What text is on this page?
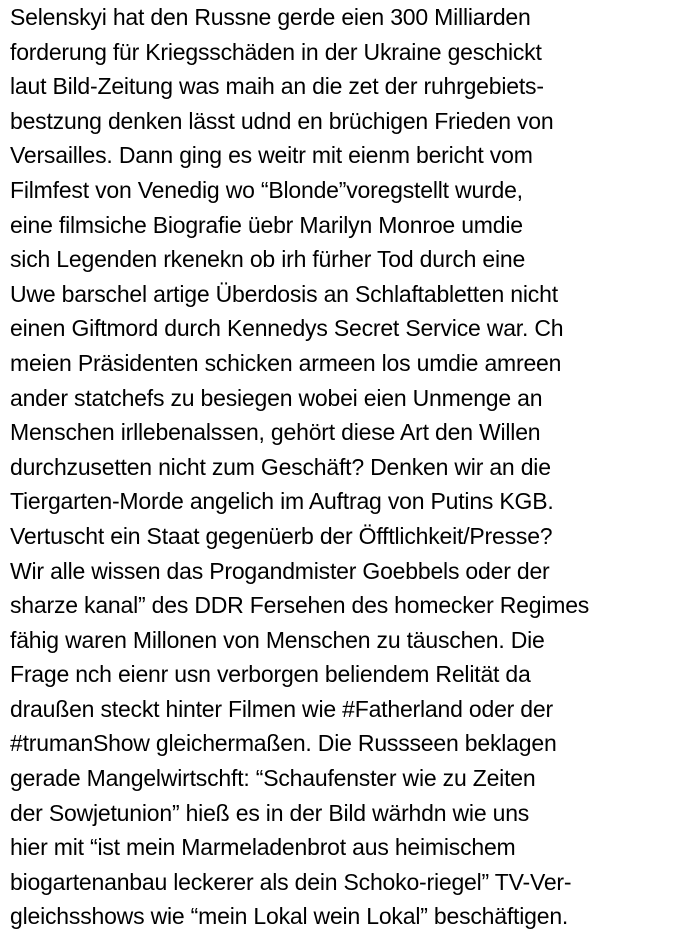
Selenskyi hat den Russne gerde eien 300 Milliarden
forderung für Kriegsschäden in der Ukraine geschickt
laut Bild-Zeitung was maih an die zet der ruhrgebiets-
bestzung denken lässt udnd en brüchigen Frieden von
Versailles. Dann ging es weitr mit eienm bericht vom
Filmfest von Venedig wo “Blonde”voregstellt wurde,
eine filmsiche Biografie üebr Marilyn Monroe umdie
sich Legenden rkenekn ob irh fürher Tod durch eine
Uwe barschel artige Überdosis an Schlaftabletten nicht
einen Giftmord durch Kennedys Secret Service war. Ch
meien Präsidenten schicken armeen los umdie amreen
ander statchefs zu besiegen wobei eien Unmenge an
Menschen irllebenalssen, gehört diese Art den Willen
durchzusetten nicht zum Geschäft? Denken wir an die
Tiergarten-Morde angelich im Auftrag von Putins KGB.
Vertuscht ein Staat gegenüerb der Öfftlichkeit/Presse?
Wir alle wissen das Progandmister Goebbels oder der
sharze kanal” des DDR Fersehen des homecker Regimes
fähig waren Millonen von Menschen zu täuschen. Die
Frage nch eienr usn verborgen beliendem Relität da
draußen steckt hinter Filmen wie #Fatherland oder der
#trumanShow gleichermaßen. Die Russseen beklagen
gerade Mangelwirtschft: “Schaufenster wie zu Zeiten
der Sowjetunion” hieß es in der Bild wärhdn wie uns
hier mit “ist mein Marmeladenbrot aus heimischem
biogartenanbau leckerer als dein Schoko-riegel” TV-Ver-
gleichsshows wie “mein Lokal wein Lokal” beschäftigen.
